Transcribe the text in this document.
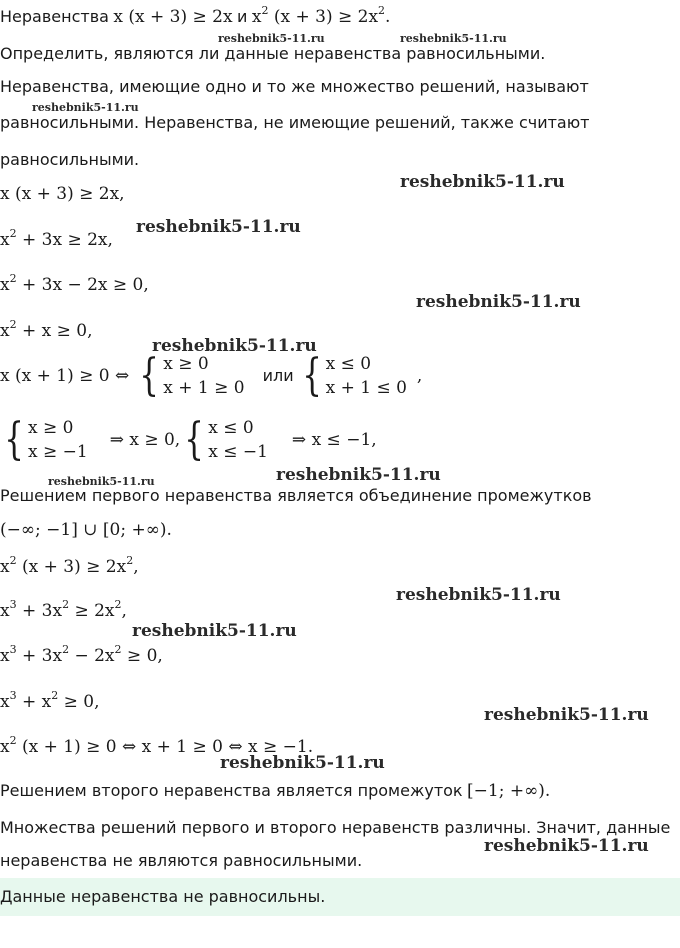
Неравенства x (x + 3) ≥ 2x и $x^2$ $(x + 3) \ge 2x^2$.
Определить, являются ли данные неравенства равносильными.
Неравенства, имеющие одно и то же множество решений, называют
равносильными. Неравенства, не имеющие решений, также считают
равносильными.
x (x + 3) ≥ 2x,
$x^2 + 3x \ge 2x$,
$x^2 + 3x - 2x \ge 0$,
$x^2 + x \ge 0$,
x (x + 1) ≥ 0 ⇔ { x ≥ 0
x + 1 ≥ 0
или { x ≤ 0
x + 1 ≤ 0
,
{ x ≥ 0
x ≥ −1
⇒ x ≥ 0, { x ≤ 0
x ≤ −1
⇒ x ≤ −1,
Решением первого неравенства является объединение промежутков
(−∞; −1] ∪ [0; +∞).
$x^2$ $(x + 3) \ge 2x^2$,
$x^3 + 3x^2 \ge 2x^2$,
$x^3 + 3x^2 - 2x^2 \ge 0$,
$x^3 + x^2 \ge 0$,
$x^2$ (x + 1) ≥ 0 ⇔ x + 1 ≥ 0 ⇔ x ≥ −1.
Решением второго неравенства является промежуток [−1; +∞).
Множества решений первого и второго неравенств различны. Значит, данные
неравенства не являются равносильными.
Данные неравенства не равносильны.
reshebnik5-11.ru	reshebnik5-11.ru
reshebnik5-11.ru
reshebnik5-11.ru
reshebnik5-11.ru
reshebnik5-11.ru
reshebnik5-11.ru
reshebnik5-11.ru	reshebnik5-11.ru
reshebnik5-11.ru
reshebnik5-11.ru
reshebnik5-11.ru
reshebnik5-11.ru
reshebnik5-11.ru
